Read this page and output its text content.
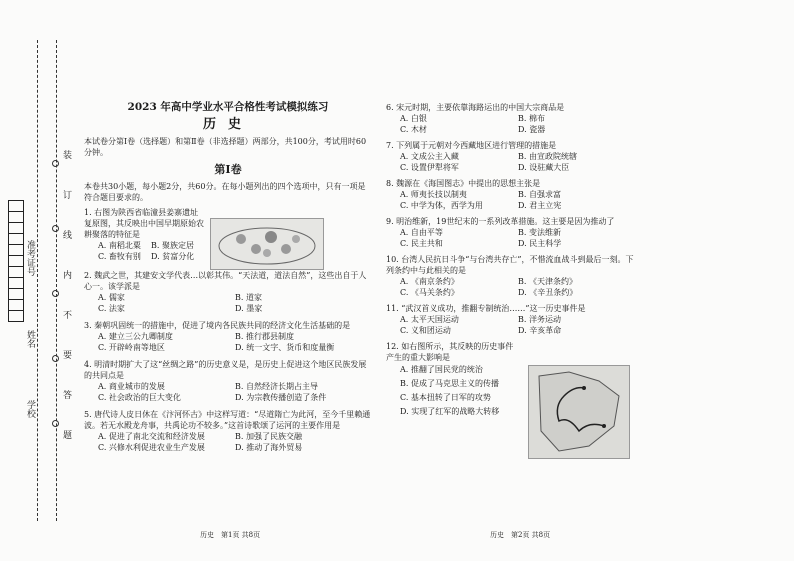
装
订
线
内
不
要
答
题
准考证号
姓名
学校
2023 年高中学业水平合格性考试模拟练习
历史

本试卷分第Ⅰ卷（选择题）和第Ⅱ卷（非选择题）两部分，共100分，考试用时60分钟。

第Ⅰ卷

本卷共30小题，每小题2分，共60分。在每小题列出的四个选项中，只有一项是符合题目要求的。

1. 右图为陕西省临潼县姜寨遗址复原图，其反映出中国早期原始农耕聚落的特征是

A. 南稻北粟	B. 聚族定居
C. 畜牧有别	D. 贫富分化

2. 魏武之世，其建安文学代表…以彰其伟。“天法道，道法自然”，这些出自于人心一。该学派是

A. 儒家	B. 道家
C. 法家	D. 墨家

3. 秦朝巩固统一的措施中，促进了境内各民族共同的经济文化生活基础的是

A. 建立三公九卿制度	B. 推行郡县制度
C. 开辟岭南等地区	D. 统一文字、货币和度量衡

4. 明清时期扩大了这“丝绸之路”的历史意义是，是历史上促进这个地区民族发展的共同点是

A. 商业城市的发展	B. 自然经济长期占主导
C. 社会政治的巨大变化	D. 为宗教传播创造了条件

5. 唐代诗人皮日休在《汴河怀古》中这样写道：“尽道隋亡为此河，至今千里赖通波。若无水殿龙舟事，共禹论功不较多。”这首诗歌颂了运河的主要作用是

A. 促进了南北交流和经济发展	B. 加强了民族交融
C. 兴修水利促进农业生产发展	D. 推动了海外贸易
历史　第1页 共8页

6. 宋元时期，主要依靠海路运出的中国大宗商品是

A. 白银	B. 棉布
C. 木材	D. 瓷器

7. 下列属于元朝对今西藏地区进行管理的措施是

A. 文成公主入藏	B. 由宣政院统辖
C. 设置伊犁将军	D. 设驻藏大臣

8. 魏源在《海国图志》中提出的思想主张是

A. 师夷长技以制夷	B. 自强求富
C. 中学为体，西学为用	D. 君主立宪

9. 明治维新，19世纪末的一系列改革措施。这主要是因为推动了

A. 自由平等	B. 变法维新
C. 民主共和	D. 民主科学

10. 台湾人民抗日斗争“与台湾共存亡”，不惜流血战斗到最后一刻。下列条约中与此相关的是

A. 《南京条约》	B. 《天津条约》
C. 《马关条约》	D. 《辛丑条约》

11. “武汉首义成功，推翻专制统治……”这一历史事件是

A. 太平天国运动	B. 洋务运动
C. 义和团运动	D. 辛亥革命

12. 如右图所示，其反映的历史事件产生的重大影响是

A. 推翻了国民党的统治
B. 促成了马克思主义的传播
C. 基本扭转了日军的攻势
D. 实现了红军的战略大转移
历史　第2页 共8页
